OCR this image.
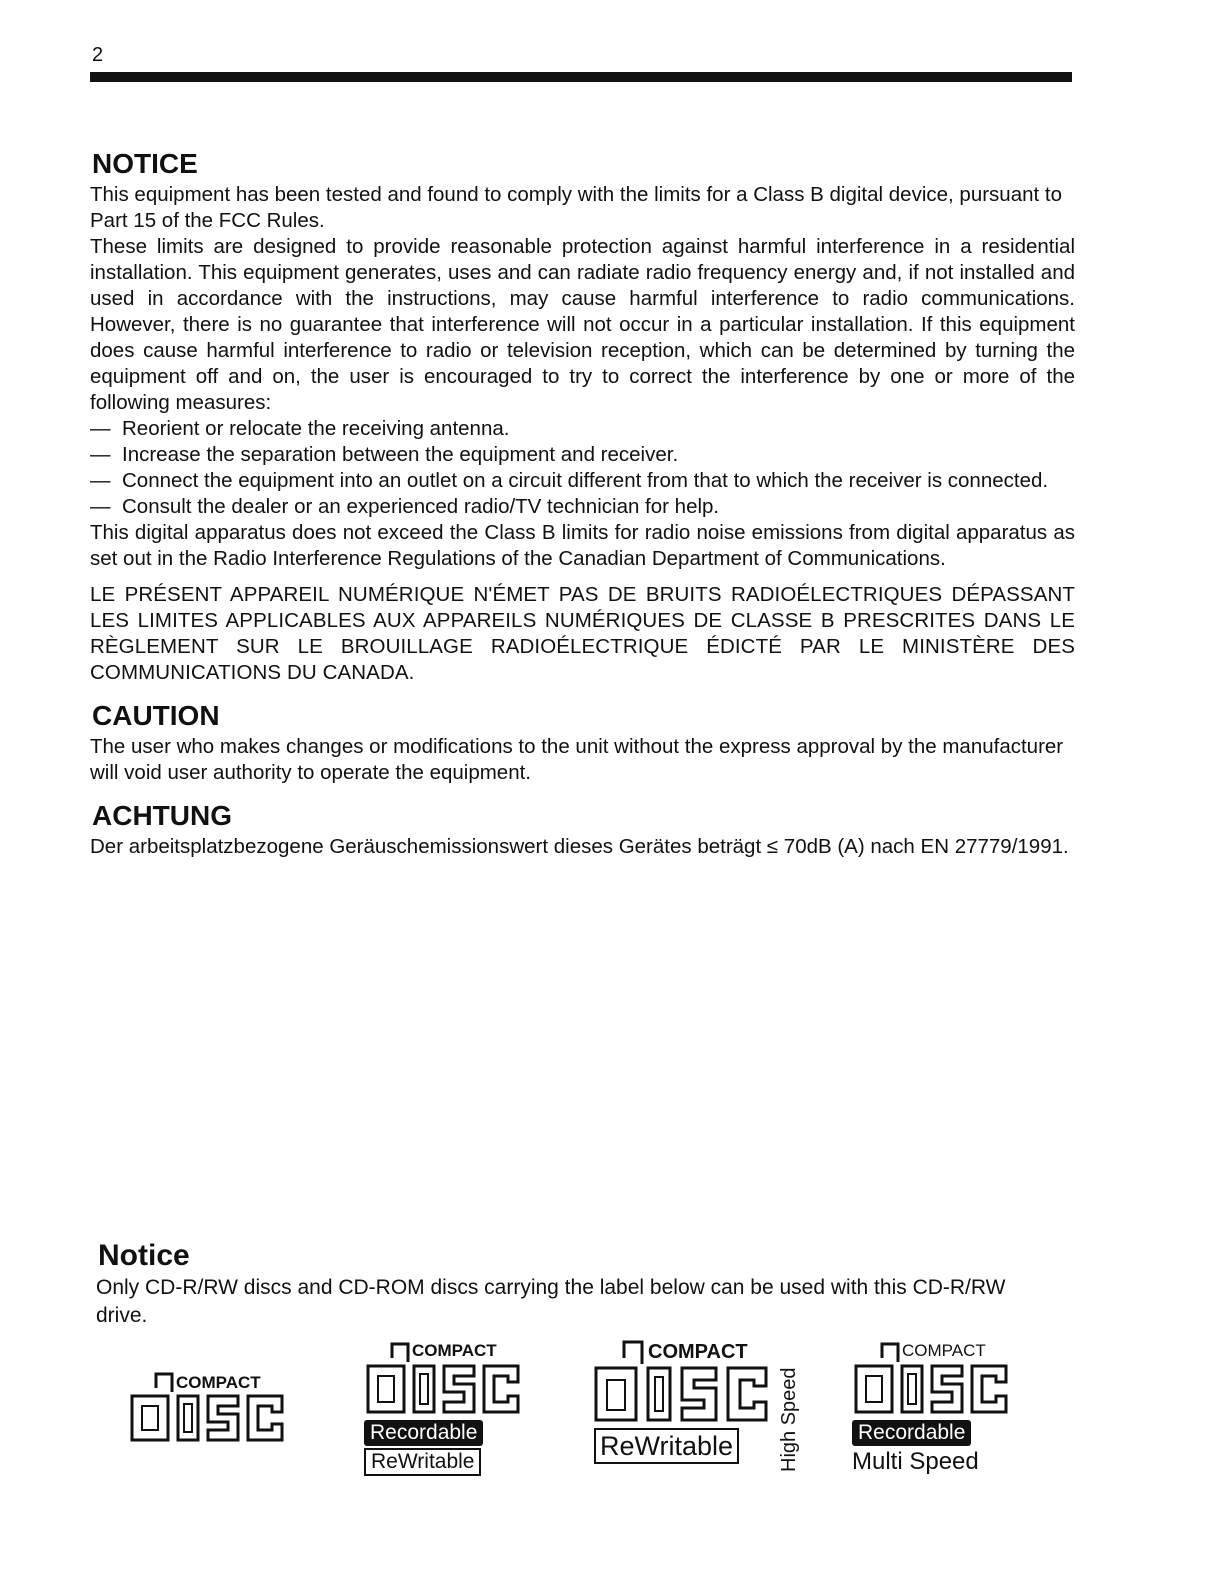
2
NOTICE

This equipment has been tested and found to comply with the limits for a Class B digital device, pursuant to Part 15 of the FCC Rules.

These limits are designed to provide reasonable protection against harmful interference in a residential installation. This equipment generates, uses and can radiate radio frequency energy and, if not installed and used in accordance with the instructions, may cause harmful interference to radio communications. However, there is no guarantee that interference will not occur in a particular installation. If this equipment does cause harmful interference to radio or television reception, which can be determined by turning the equipment off and on, the user is encouraged to try to correct the interference by one or more of the following measures:

— Reorient or relocate the receiving antenna.
— Increase the separation between the equipment and receiver.
— Connect the equipment into an outlet on a circuit different from that to which the receiver is connected.
— Consult the dealer or an experienced radio/TV technician for help.

This digital apparatus does not exceed the Class B limits for radio noise emissions from digital apparatus as set out in the Radio Interference Regulations of the Canadian Department of Communications.

LE PRÉSENT APPAREIL NUMÉRIQUE N'ÉMET PAS DE BRUITS RADIOÉLECTRIQUES DÉPASSANT LES LIMITES APPLICABLES AUX APPAREILS NUMÉRIQUES DE CLASSE B PRESCRITES DANS LE RÈGLEMENT SUR LE BROUILLAGE RADIOÉLECTRIQUE ÉDICTÉ PAR LE MINISTÈRE DES COMMUNICATIONS DU CANADA.

CAUTION

The user who makes changes or modifications to the unit without the express approval by the manufacturer will void user authority to operate the equipment.

ACHTUNG

Der arbeitsplatzbezogene Geräuschemissionswert dieses Gerätes beträgt ≤ 70dB (A) nach EN 27779/1991.

Notice

Only CD-R/RW discs and CD-ROM discs carrying the label below can be used with this CD-R/RW drive.

COMPACT
COMPACT
Recordable
ReWritable
COMPACT
ReWritable High Speed
COMPACT
Recordable

Multi Speed
